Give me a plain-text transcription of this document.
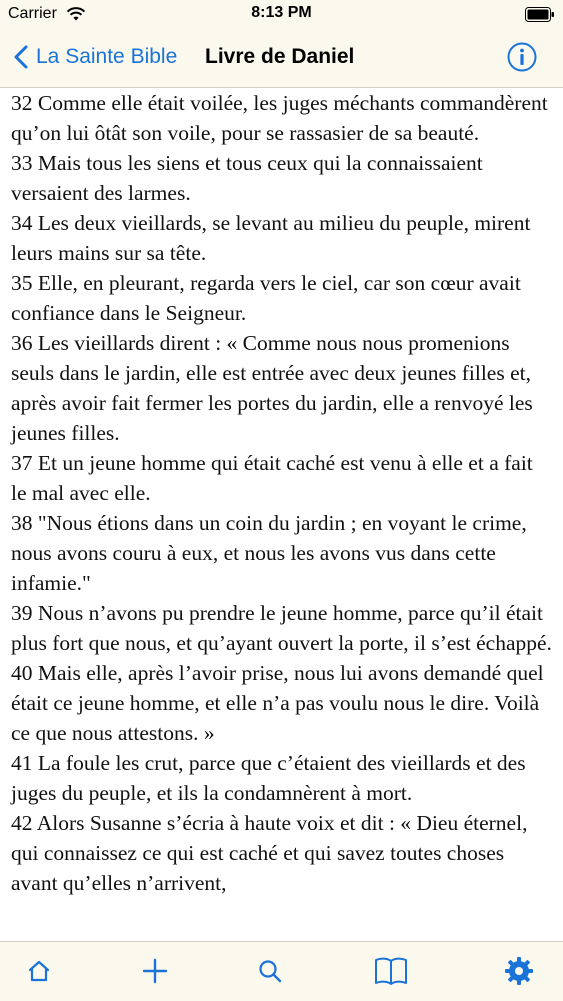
Carrier	8:13 PM
La Sainte Bible Livre de Daniel

32 Comme elle était voilée, les juges méchants commandèrent qu’on lui ôtât son voile, pour se rassasier de sa beauté.

33 Mais tous les siens et tous ceux qui la connaissaient versaient des larmes.

34 Les deux vieillards, se levant au milieu du peuple, mirent leurs mains sur sa tête.

35 Elle, en pleurant, regarda vers le ciel, car son cœur avait confiance dans le Seigneur.

36 Les vieillards dirent : « Comme nous nous promenions seuls dans le jardin, elle est entrée avec deux jeunes filles et, après avoir fait fermer les portes du jardin, elle a renvoyé les jeunes filles.

37 Et un jeune homme qui était caché est venu à elle et a fait le mal avec elle.

38 "Nous étions dans un coin du jardin ; en voyant le crime, nous avons couru à eux, et nous les avons vus dans cette infamie."

39 Nous n’avons pu prendre le jeune homme, parce qu’il était plus fort que nous, et qu’ayant ouvert la porte, il s’est échappé.

40 Mais elle, après l’avoir prise, nous lui avons demandé quel était ce jeune homme, et elle n’a pas voulu nous le dire. Voilà ce que nous attestons. »

41 La foule les crut, parce que c’étaient des vieillards et des juges du peuple, et ils la condamnèrent à mort.

42 Alors Susanne s’écria à haute voix et dit : « Dieu éternel, qui connaissez ce qui est caché et qui savez toutes choses avant qu’elles n’arrivent,
